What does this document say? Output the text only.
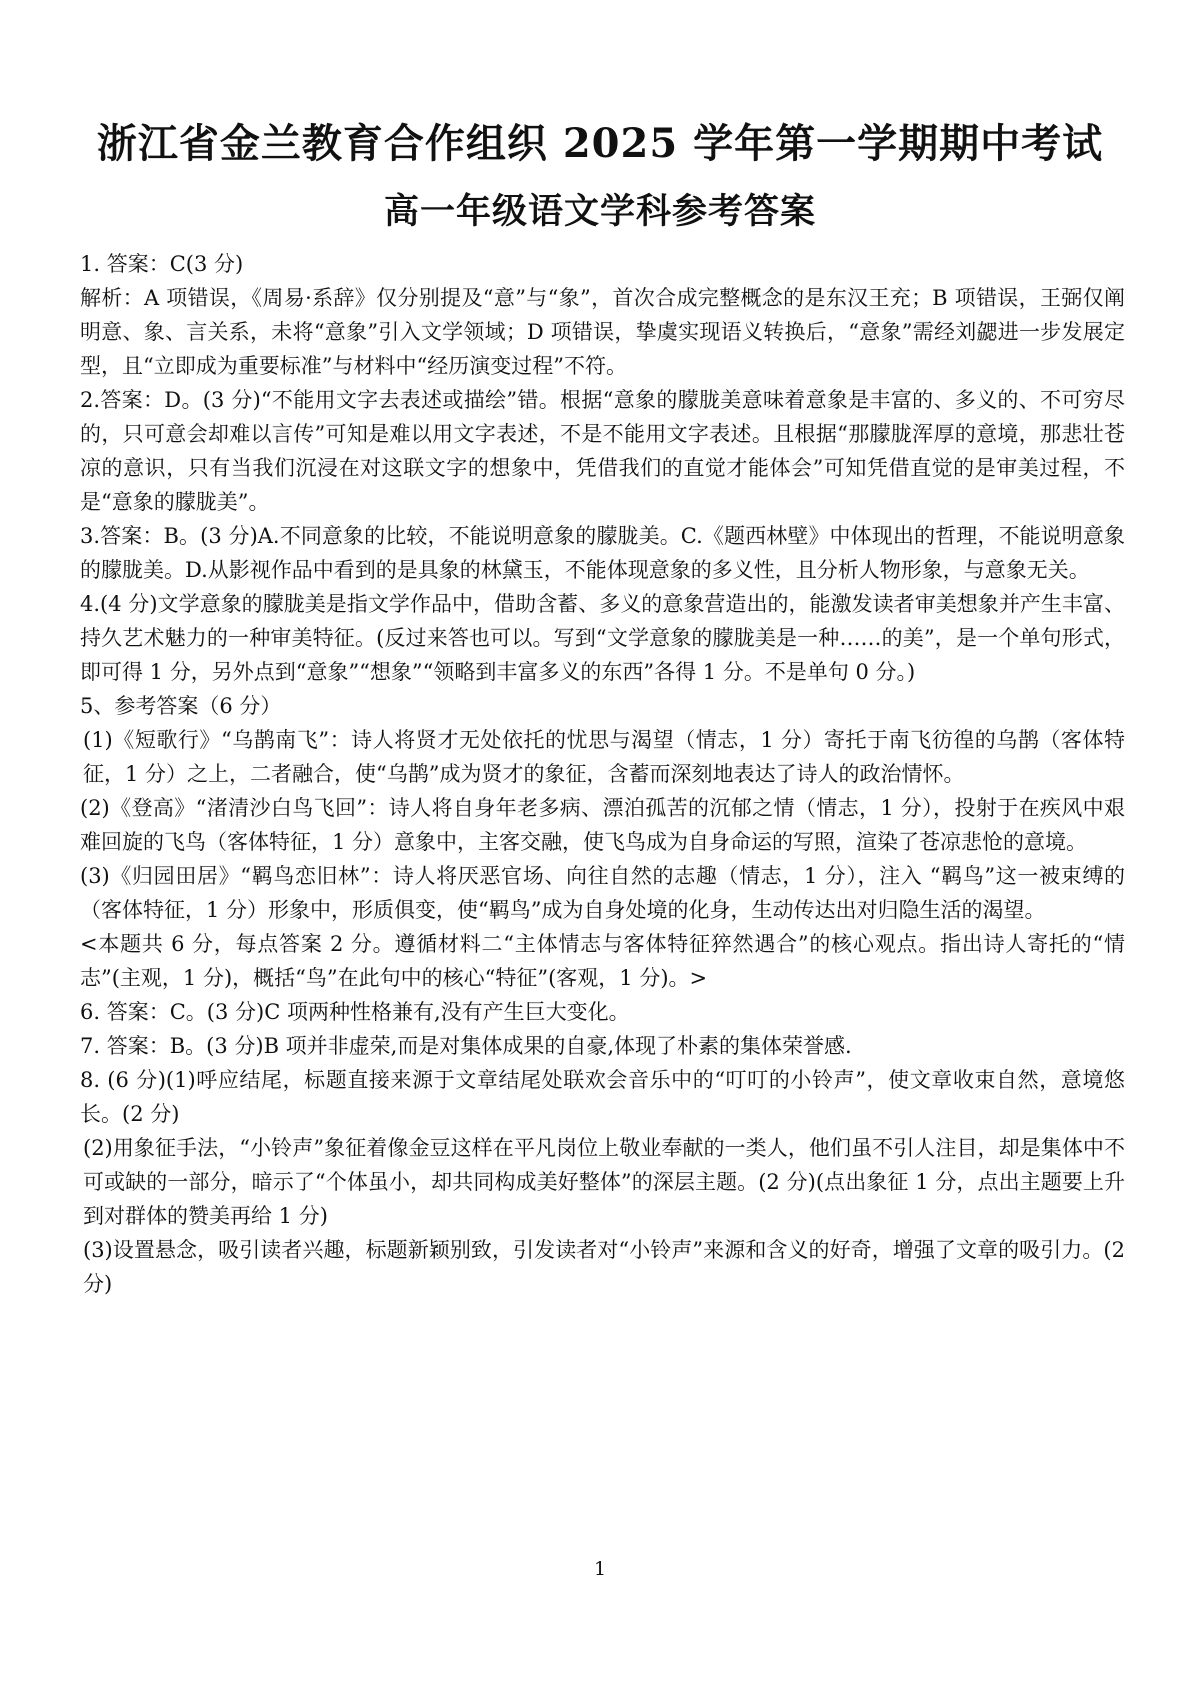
浙江省金兰教育合作组织 2025 学年第一学期期中考试
高一年级语文学科参考答案

1. 答案：C(3 分)

解析：A 项错误，《周易·系辞》仅分别提及“意”与“象”，首次合成完整概念的是东汉王充；B 项错误，王弼仅阐明意、象、言关系，未将“意象”引入文学领域；D 项错误，挚虞实现语义转换后，“意象”需经刘勰进一步发展定型，且“立即成为重要标准”与材料中“经历演变过程”不符。

2.答案：D。(3 分)“不能用文字去表述或描绘”错。根据“意象的朦胧美意味着意象是丰富的、多义的、不可穷尽的，只可意会却难以言传”可知是难以用文字表述，不是不能用文字表述。且根据“那朦胧浑厚的意境，那悲壮苍凉的意识，只有当我们沉浸在对这联文字的想象中，凭借我们的直觉才能体会”可知凭借直觉的是审美过程，不是“意象的朦胧美”。

3.答案：B。(3 分)A.不同意象的比较，不能说明意象的朦胧美。C.《题西林壁》中体现出的哲理，不能说明意象的朦胧美。D.从影视作品中看到的是具象的林黛玉，不能体现意象的多义性，且分析人物形象，与意象无关。

4.(4 分)文学意象的朦胧美是指文学作品中，借助含蓄、多义的意象营造出的，能激发读者审美想象并产生丰富、持久艺术魅力的一种审美特征。(反过来答也可以。写到“文学意象的朦胧美是一种……的美”，是一个单句形式，即可得 1 分，另外点到“意象”“想象”“领略到丰富多义的东西”各得 1 分。不是单句 0 分。)

5、参考答案（6 分）

(1)《短歌行》“乌鹊南飞”：诗人将贤才无处依托的忧思与渴望（情志，1 分）寄托于南飞彷徨的乌鹊（客体特征，1 分）之上，二者融合，使“乌鹊”成为贤才的象征，含蓄而深刻地表达了诗人的政治情怀。

(2)《登高》“渚清沙白鸟飞回”：诗人将自身年老多病、漂泊孤苦的沉郁之情（情志，1 分），投射于在疾风中艰难回旋的飞鸟（客体特征，1 分）意象中，主客交融，使飞鸟成为自身命运的写照，渲染了苍凉悲怆的意境。

(3)《归园田居》“羁鸟恋旧林”：诗人将厌恶官场、向往自然的志趣（情志，1 分），注入 “羁鸟”这一被束缚的（客体特征，1 分）形象中，形质俱变，使“羁鸟”成为自身处境的化身，生动传达出对归隐生活的渴望。

<本题共 6 分，每点答案 2 分。遵循材料二“主体情志与客体特征猝然遇合”的核心观点。指出诗人寄托的“情志”(主观，1 分)，概括“鸟”在此句中的核心“特征”(客观，1 分)。>

6. 答案：C。(3 分)C 项两种性格兼有,没有产生巨大变化。

7. 答案：B。(3 分)B 项并非虚荣,而是对集体成果的自豪,体现了朴素的集体荣誉感.

8. (6 分)(1)呼应结尾，标题直接来源于文章结尾处联欢会音乐中的“叮叮的小铃声”，使文章收束自然，意境悠长。(2 分)

(2)用象征手法，“小铃声”象征着像金豆这样在平凡岗位上敬业奉献的一类人，他们虽不引人注目，却是集体中不可或缺的一部分，暗示了“个体虽小，却共同构成美好整体”的深层主题。(2 分)(点出象征 1 分，点出主题要上升到对群体的赞美再给 1 分)

(3)设置悬念，吸引读者兴趣，标题新颖别致，引发读者对“小铃声”来源和含义的好奇，增强了文章的吸引力。(2 分)

1
